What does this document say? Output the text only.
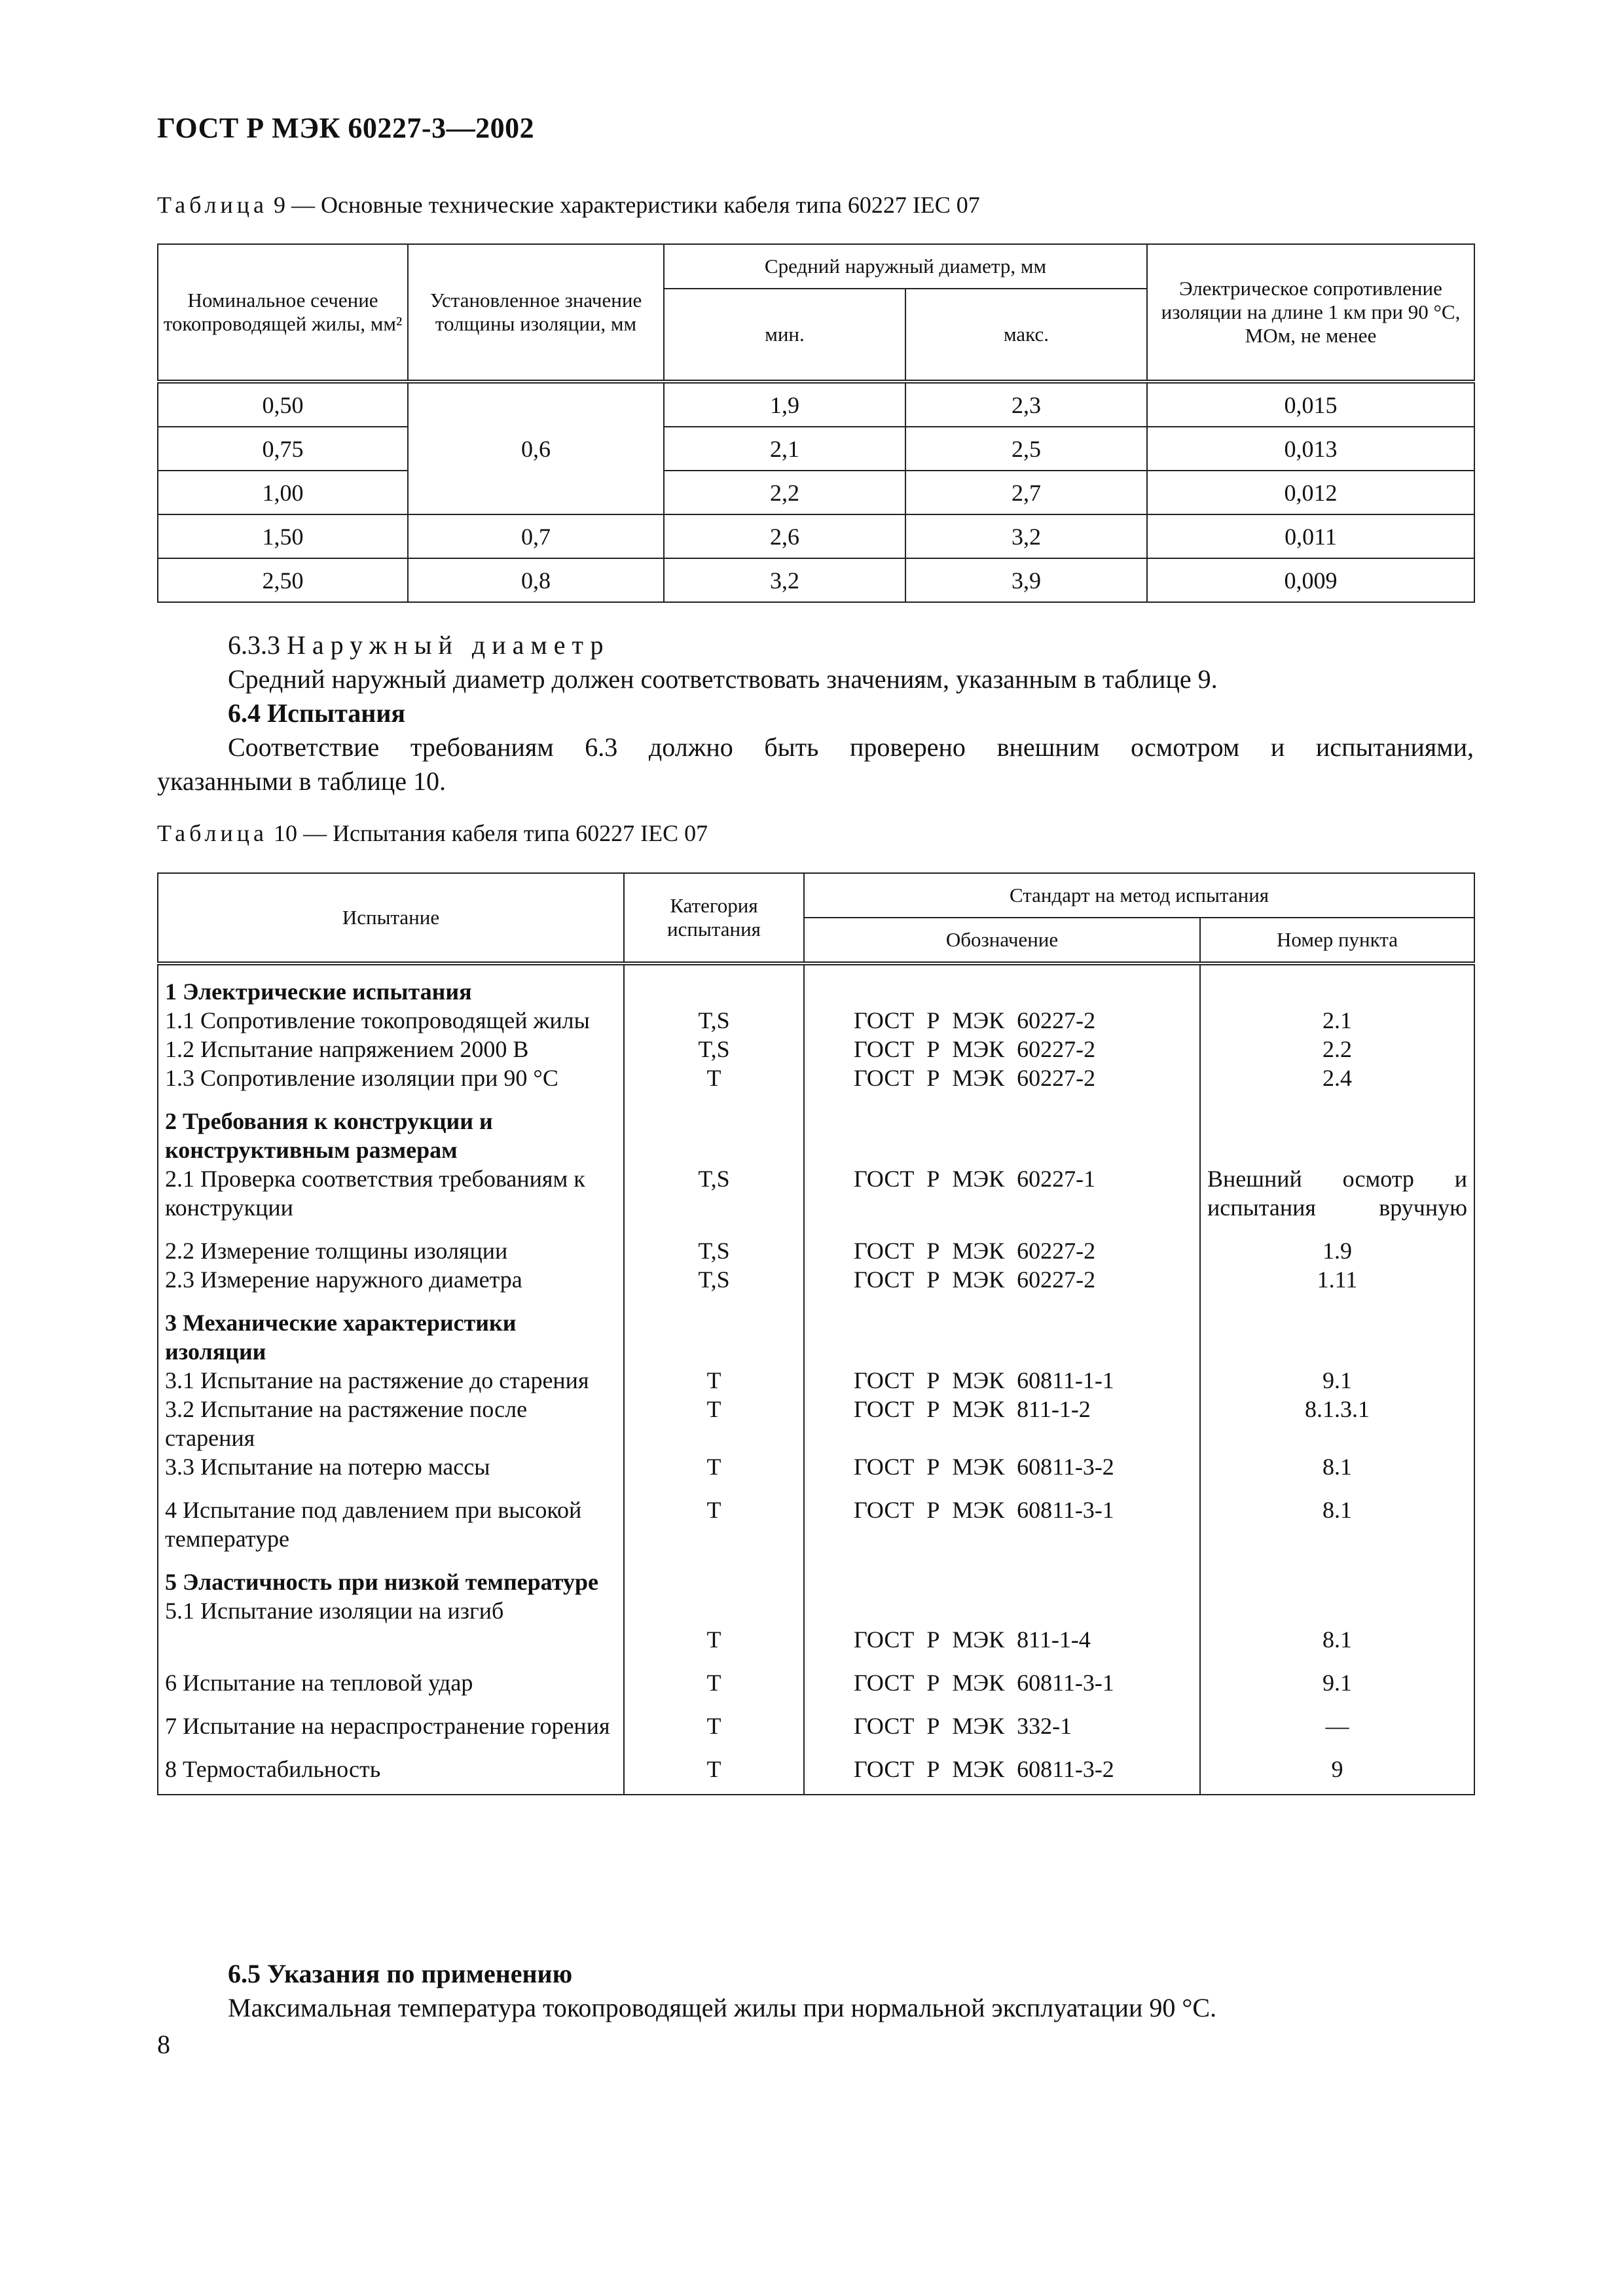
ГОСТ Р МЭК 60227-3—2002
Таблица 9 — Основные технические характеристики кабеля типа 60227 IEC 07
Номинальное сечение токопроводящей жилы, мм²	Установленное значение толщины изоляции, мм	Средний наружный диаметр, мм		Электрическое сопротивление изоляции на длине 1 км при 90 °С, МОм, не менее
		мин.	макс.	
0,50	0,6	1,9	2,3	0,015
0,75		2,1	2,5	0,013
1,00		2,2	2,7	0,012
1,50	0,7	2,6	3,2	0,011
2,50	0,8	3,2	3,9	0,009
6.3.3 Наружный диаметр
Средний наружный диаметр должен соответствовать значениям, указанным в таблице 9.
6.4 Испытания
Соответствие требованиям 6.3 должно быть проверено внешним осмотром и испытаниями,
указанными в таблице 10.
Таблица 10 — Испытания кабеля типа 60227 IEC 07
Испытание	Категория испытания	Стандарт на метод испытания	
		Обозначение	Номер пункта

1 Электрические испытания
1.1 Сопротивление токопроводящей жилы	T,S	ГОСТ Р МЭК 60227-2	2.1
1.2 Испытание напряжением 2000 В	T,S	ГОСТ Р МЭК 60227-2	2.2
1.3 Сопротивление изоляции при 90 °С	T	ГОСТ Р МЭК 60227-2	2.4

2 Требования к конструкции и конструктивным размерам
2.1 Проверка соответствия требованиям к конструкции	T,S	ГОСТ Р МЭК 60227-1	Внешний осмотр и испытания вручную

2.2 Измерение толщины изоляции	T,S	ГОСТ Р МЭК 60227-2	1.9
2.3 Измерение наружного диаметра	T,S	ГОСТ Р МЭК 60227-2	1.11

3 Механические характеристики изоляции
3.1 Испытание на растяжение до старения	T	ГОСТ Р МЭК 60811-1-1	9.1
3.2 Испытание на растяжение после старения	T	ГОСТ Р МЭК 811-1-2	8.1.3.1
3.3 Испытание на потерю массы	T	ГОСТ Р МЭК 60811-3-2	8.1
4 Испытание под давлением при высокой температуре	T	ГОСТ Р МЭК 60811-3-1	8.1

5 Эластичность при низкой температуре
5.1 Испытание изоляции на изгиб	T	ГОСТ Р МЭК 811-1-4	8.1
6 Испытание на тепловой удар	T	ГОСТ Р МЭК 60811-3-1	9.1
7 Испытание на нераспространение горения	T	ГОСТ Р МЭК 332-1	—
8 Термостабильность	T	ГОСТ Р МЭК 60811-3-2	9
6.5 Указания по применению
Максимальная температура токопроводящей жилы при нормальной эксплуатации 90 °С.
8
